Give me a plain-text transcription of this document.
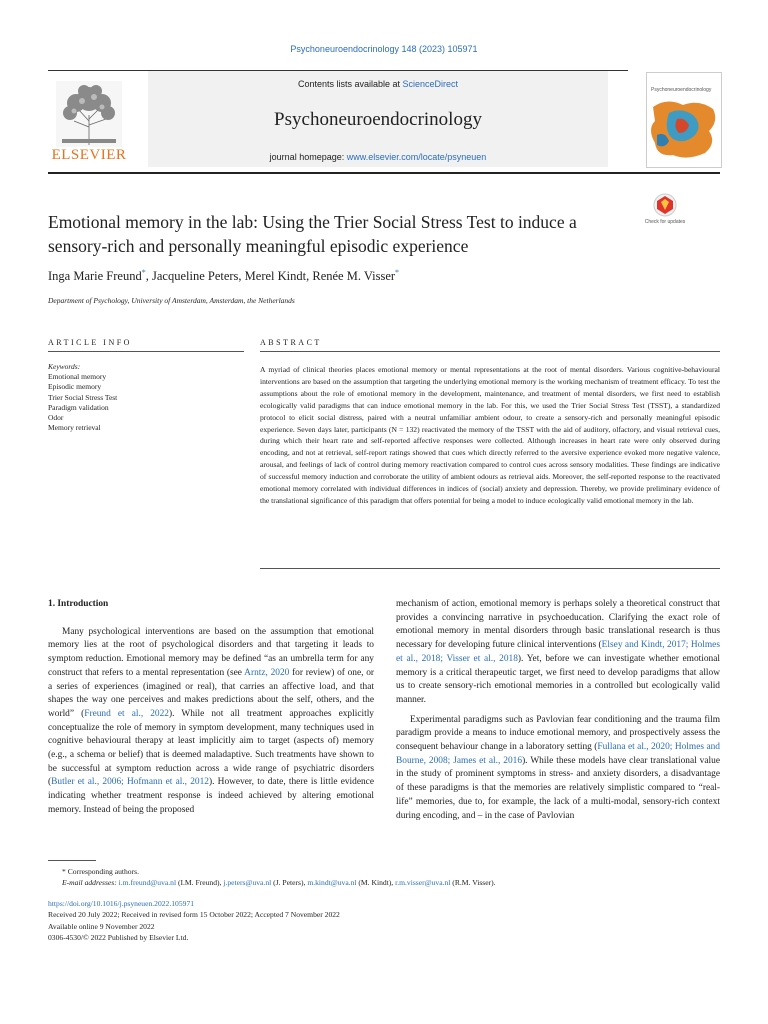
Psychoneuroendocrinology 148 (2023) 105971
ELSEVIER
Contents lists available at ScienceDirect
Psychoneuroendocrinology
journal homepage: www.elsevier.com/locate/psyneuen
Psychoneuroendocrinology
Emotional memory in the lab: Using the Trier Social Stress Test to induce a sensory-rich and personally meaningful episodic experience
Check for updates
Inga Marie Freund*, Jacqueline Peters, Merel Kindt, Renée M. Visser*
Department of Psychology, University of Amsterdam, Amsterdam, the Netherlands
ARTICLE INFO
Keywords:
Emotional memory
Episodic memory
Trier Social Stress Test
Paradigm validation
Odor
Memory retrieval
ABSTRACT
A myriad of clinical theories places emotional memory or mental representations at the root of mental disorders. Various cognitive-behavioural interventions are based on the assumption that targeting the underlying emotional memory is the working mechanism of treatment efficacy. To test the assumptions about the role of emotional memory in the development, maintenance, and treatment of mental disorders, we first need to establish ecologically valid paradigms that can induce emotional memory in the lab. For this, we used the Trier Social Stress Test (TSST), a standardized protocol to elicit social distress, paired with a neutral unfamiliar ambient odour, to create a sensory-rich and personally meaningful episodic experience. Seven days later, participants (N = 132) reactivated the memory of the TSST with the aid of auditory, olfactory, and visual retrieval cues, during which their heart rate and self-reported affective responses were collected. Although increases in heart rate were only observed during encoding, and not at retrieval, self-report ratings showed that cues which directly referred to the aversive experience evoked more negative valence, arousal, and feelings of lack of control during memory reactivation compared to control cues across sensory modalities. These findings are indicative of successful memory induction and corroborate the utility of ambient odours as retrieval aids. Moreover, the self-reported response to the reactivated emotional memory correlated with individual differences in indices of (social) anxiety and depression. Thereby, we provide preliminary evidence of the translational significance of this paradigm that offers potential for being a model to induce ecologically valid emotional memory in the lab.

1. Introduction

Many psychological interventions are based on the assumption that emotional memory lies at the root of psychological disorders and that targeting it leads to symptom reduction. Emotional memory may be defined “as an umbrella term for any construct that refers to a mental representation (see Arntz, 2020 for review) of one, or a series of experiences (imagined or real), that carries an affective load, and that shapes the way one perceives and makes predictions about the self, others, and the world” (Freund et al., 2022). While not all treatment approaches explicitly conceptualize the role of memory in symptom development, many techniques used in cognitive behavioural therapy at least implicitly aim to target (aspects of) memory (e.g., a schema or belief) that is deemed maladaptive. Such treatments have shown to be successful at symptom reduction across a wide range of psychiatric disorders (Butler et al., 2006; Hofmann et al., 2012). However, to date, there is little evidence indicating whether treatment response is indeed achieved by altering emotional memory. Instead of being the proposed

mechanism of action, emotional memory is perhaps solely a theoretical construct that provides a convincing narrative in psychoeducation. Clarifying the exact role of emotional memory in mental disorders through basic translational research is thus necessary for developing future clinical interventions (Elsey and Kindt, 2017; Holmes et al., 2018; Visser et al., 2018). Yet, before we can investigate whether emotional memory is a critical therapeutic target, we first need to develop paradigms that allow us to create sensory-rich emotional memories in a controlled but ecologically valid manner.

Experimental paradigms such as Pavlovian fear conditioning and the trauma film paradigm provide a means to induce emotional memory, and prospectively assess the consequent behaviour change in a laboratory setting (Fullana et al., 2020; Holmes and Bourne, 2008; James et al., 2016). While these models have clear translational value in the study of prominent symptoms in stress- and anxiety disorders, a disadvantage of these paradigms is that the memories are relatively simplistic compared to “real-life” memories, due to, for example, the lack of a multi-modal, sensory-rich context during encoding, and – in the case of Pavlovian

* Corresponding authors.
E-mail addresses: i.m.freund@uva.nl (I.M. Freund), j.peters@uva.nl (J. Peters), m.kindt@uva.nl (M. Kindt), r.m.visser@uva.nl (R.M. Visser).
https://doi.org/10.1016/j.psyneuen.2022.105971
Received 20 July 2022; Received in revised form 15 October 2022; Accepted 7 November 2022
Available online 9 November 2022
0306-4530/© 2022 Published by Elsevier Ltd.
